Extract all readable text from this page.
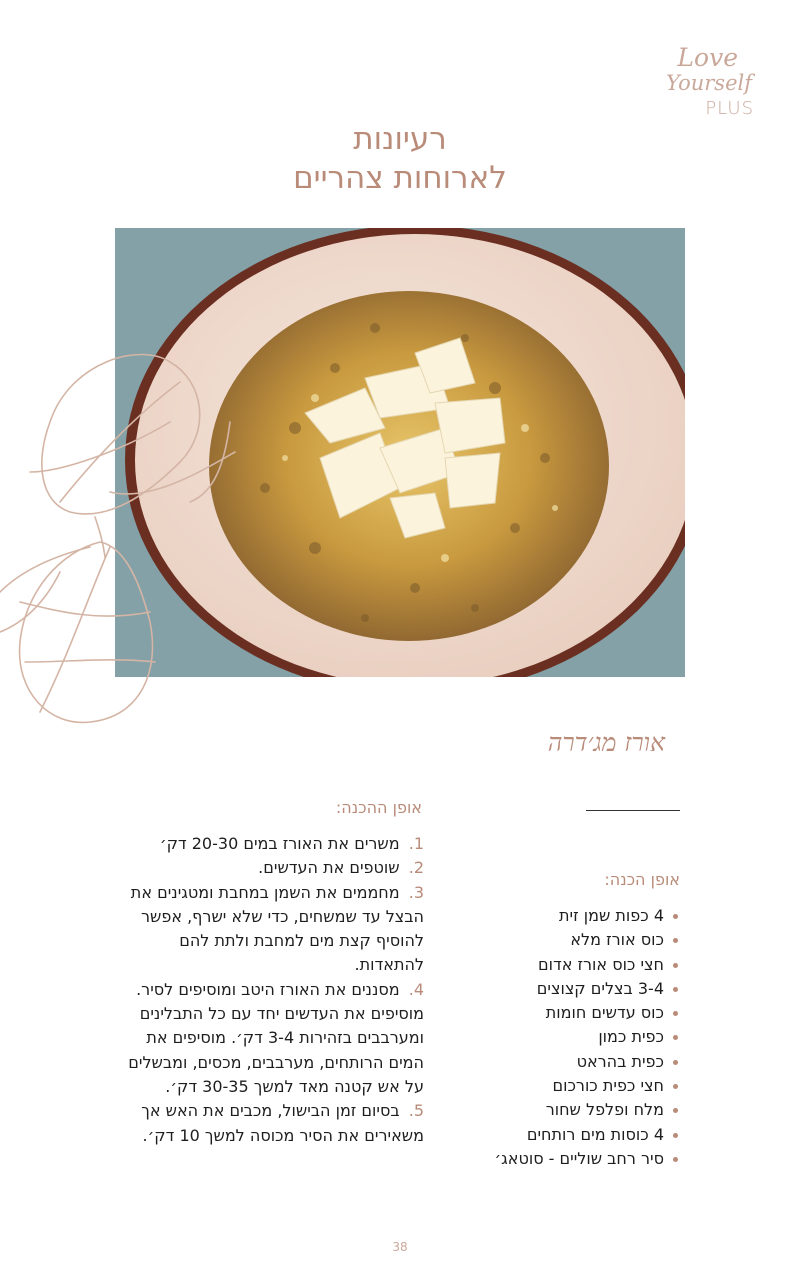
Love
Yourself
PLUS
רעיונות
לארוחות צהריים
אורז מג׳דרה
אופן ההכנה:
1. משרים את האורז במים 20-30 דק׳
2. שוטפים את העדשים.
3. מחממים את השמן במחבת ומטגינים את הבצל עד שמשחים, כדי שלא ישרף, אפשר להוסיף קצת מים למחבת ולתת להם להתאדות.
4. מסננים את האורז היטב ומוסיפים לסיר. מוסיפים את העדשים יחד עם כל התבלינים ומערבבים בזהירות 3-4 דק׳. מוסיפים את המים הרותחים, מערבבים, מכסים, ומבשלים על אש קטנה מאד למשך 30-35 דק׳.
5. בסיום זמן הבישול, מכבים את האש אך משאירים את הסיר מכוסה למשך 10 דק׳.
אופן הכנה:
4 כפות שמן זית
כוס אורז מלא
חצי כוס אורז אדום
3-4 בצלים קצוצים
כוס עדשים חומות
כפית כמון
כפית בהראט
חצי כפית כורכום
מלח ופלפל שחור
4 כוסות מים רותחים
סיר רחב שוליים - סוטאג׳
38
